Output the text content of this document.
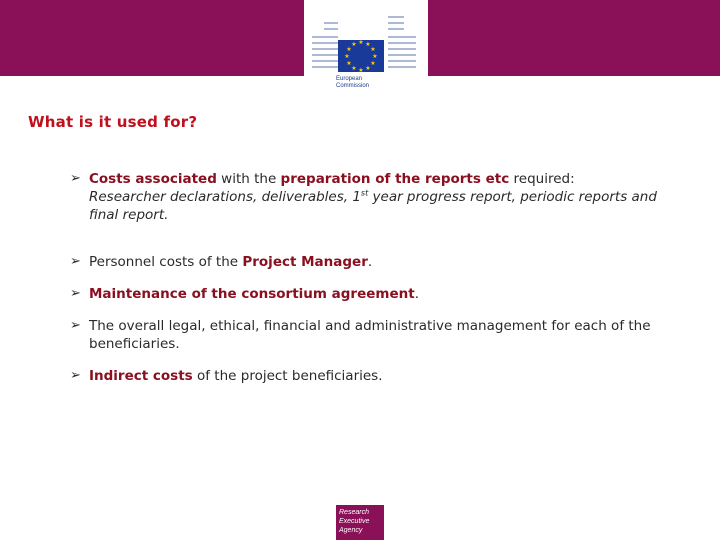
★ ★
★
★
★
★
★
★
★
★
★
★
European
Commission
What is it used for?
➢ Costs associated with the preparation of the reports etc required:
Researcher declarations, deliverables, 1st year progress report, periodic reports and final report.
➢ Personnel costs of the Project Manager.
➢ Maintenance of the consortium agreement.
➢ The overall legal, ethical, financial and administrative management for each of the beneficiaries.
➢ Indirect costs of the project beneficiaries.
Research
Executive
Agency
